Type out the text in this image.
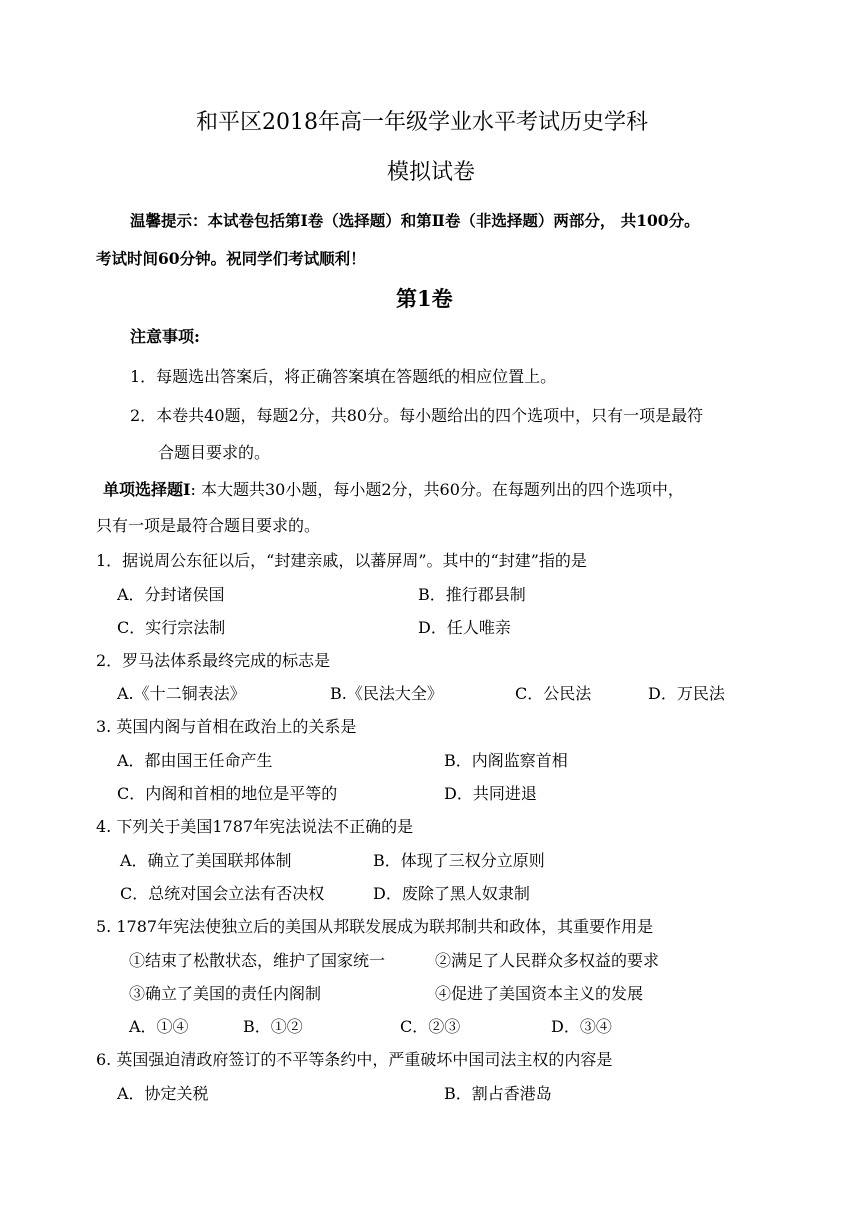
和平区2018年高一年级学业水平考试历史学科
模拟试卷
温馨提示：本试卷包括第Ⅰ卷（选择题）和第Ⅱ卷（非选择题）两部分， 共100分。
考试时间60分钟。祝同学们考试顺利！
第1卷
注意事项:
1．每题选出答案后，将正确答案填在答题纸的相应位置上。
2．本卷共40题，每题2分，共80分。每小题给出的四个选项中，只有一项是最符
合题目要求的。
单项选择题Ⅰ: 本大题共30小题，每小题2分，共60分。在每题列出的四个选项中，
只有一项是最符合题目要求的。
1．据说周公东征以后，“封建亲戚，以蕃屏周”。其中的“封建”指的是
A．分封诸侯国	B．推行郡县制
C．实行宗法制	D．任人唯亲
2．罗马法体系最终完成的标志是
A.《十二铜表法》	B.《民法大全》	C．公民法	D．万民法
3. 英国内阁与首相在政治上的关系是
A．都由国王任命产生	B．内阁监察首相
C．内阁和首相的地位是平等的	D．共同进退
4. 下列关于美国1787年宪法说法不正确的是
A．确立了美国联邦体制	B．体现了三权分立原则
C．总统对国会立法有否决权	D．废除了黑人奴隶制
5. 1787年宪法使独立后的美国从邦联发展成为联邦制共和政体，其重要作用是
①结束了松散状态，维护了国家统一	②满足了人民群众多权益的要求
③确立了美国的责任内阁制	④促进了美国资本主义的发展
A．①④	B．①②	C．②③	D．③④
6. 英国强迫清政府签订的不平等条约中，严重破坏中国司法主权的内容是
A．协定关税	B．割占香港岛
